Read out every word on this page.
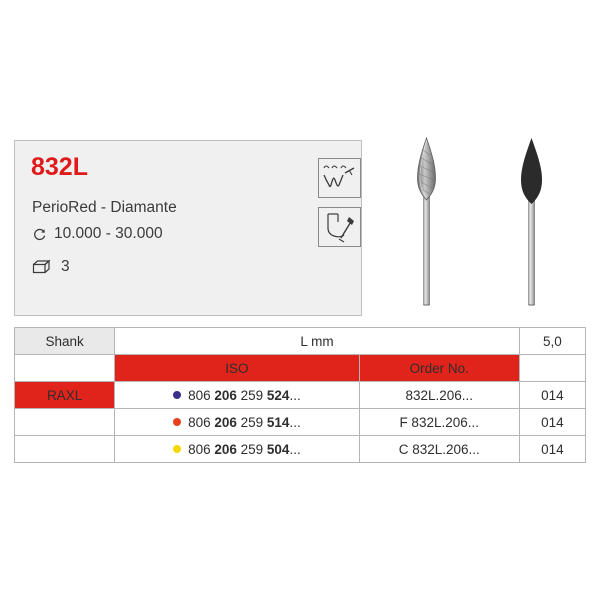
832L
PerioRed - Diamante
10.000 - 30.000
3
Shank	L mm		5,0
	ISO	Order No.	
RAXL	806 206 259 524...	832L.206...	014

	806 206 259 514...	F 832L.206...	014

	806 206 259 504...	C 832L.206...	014
